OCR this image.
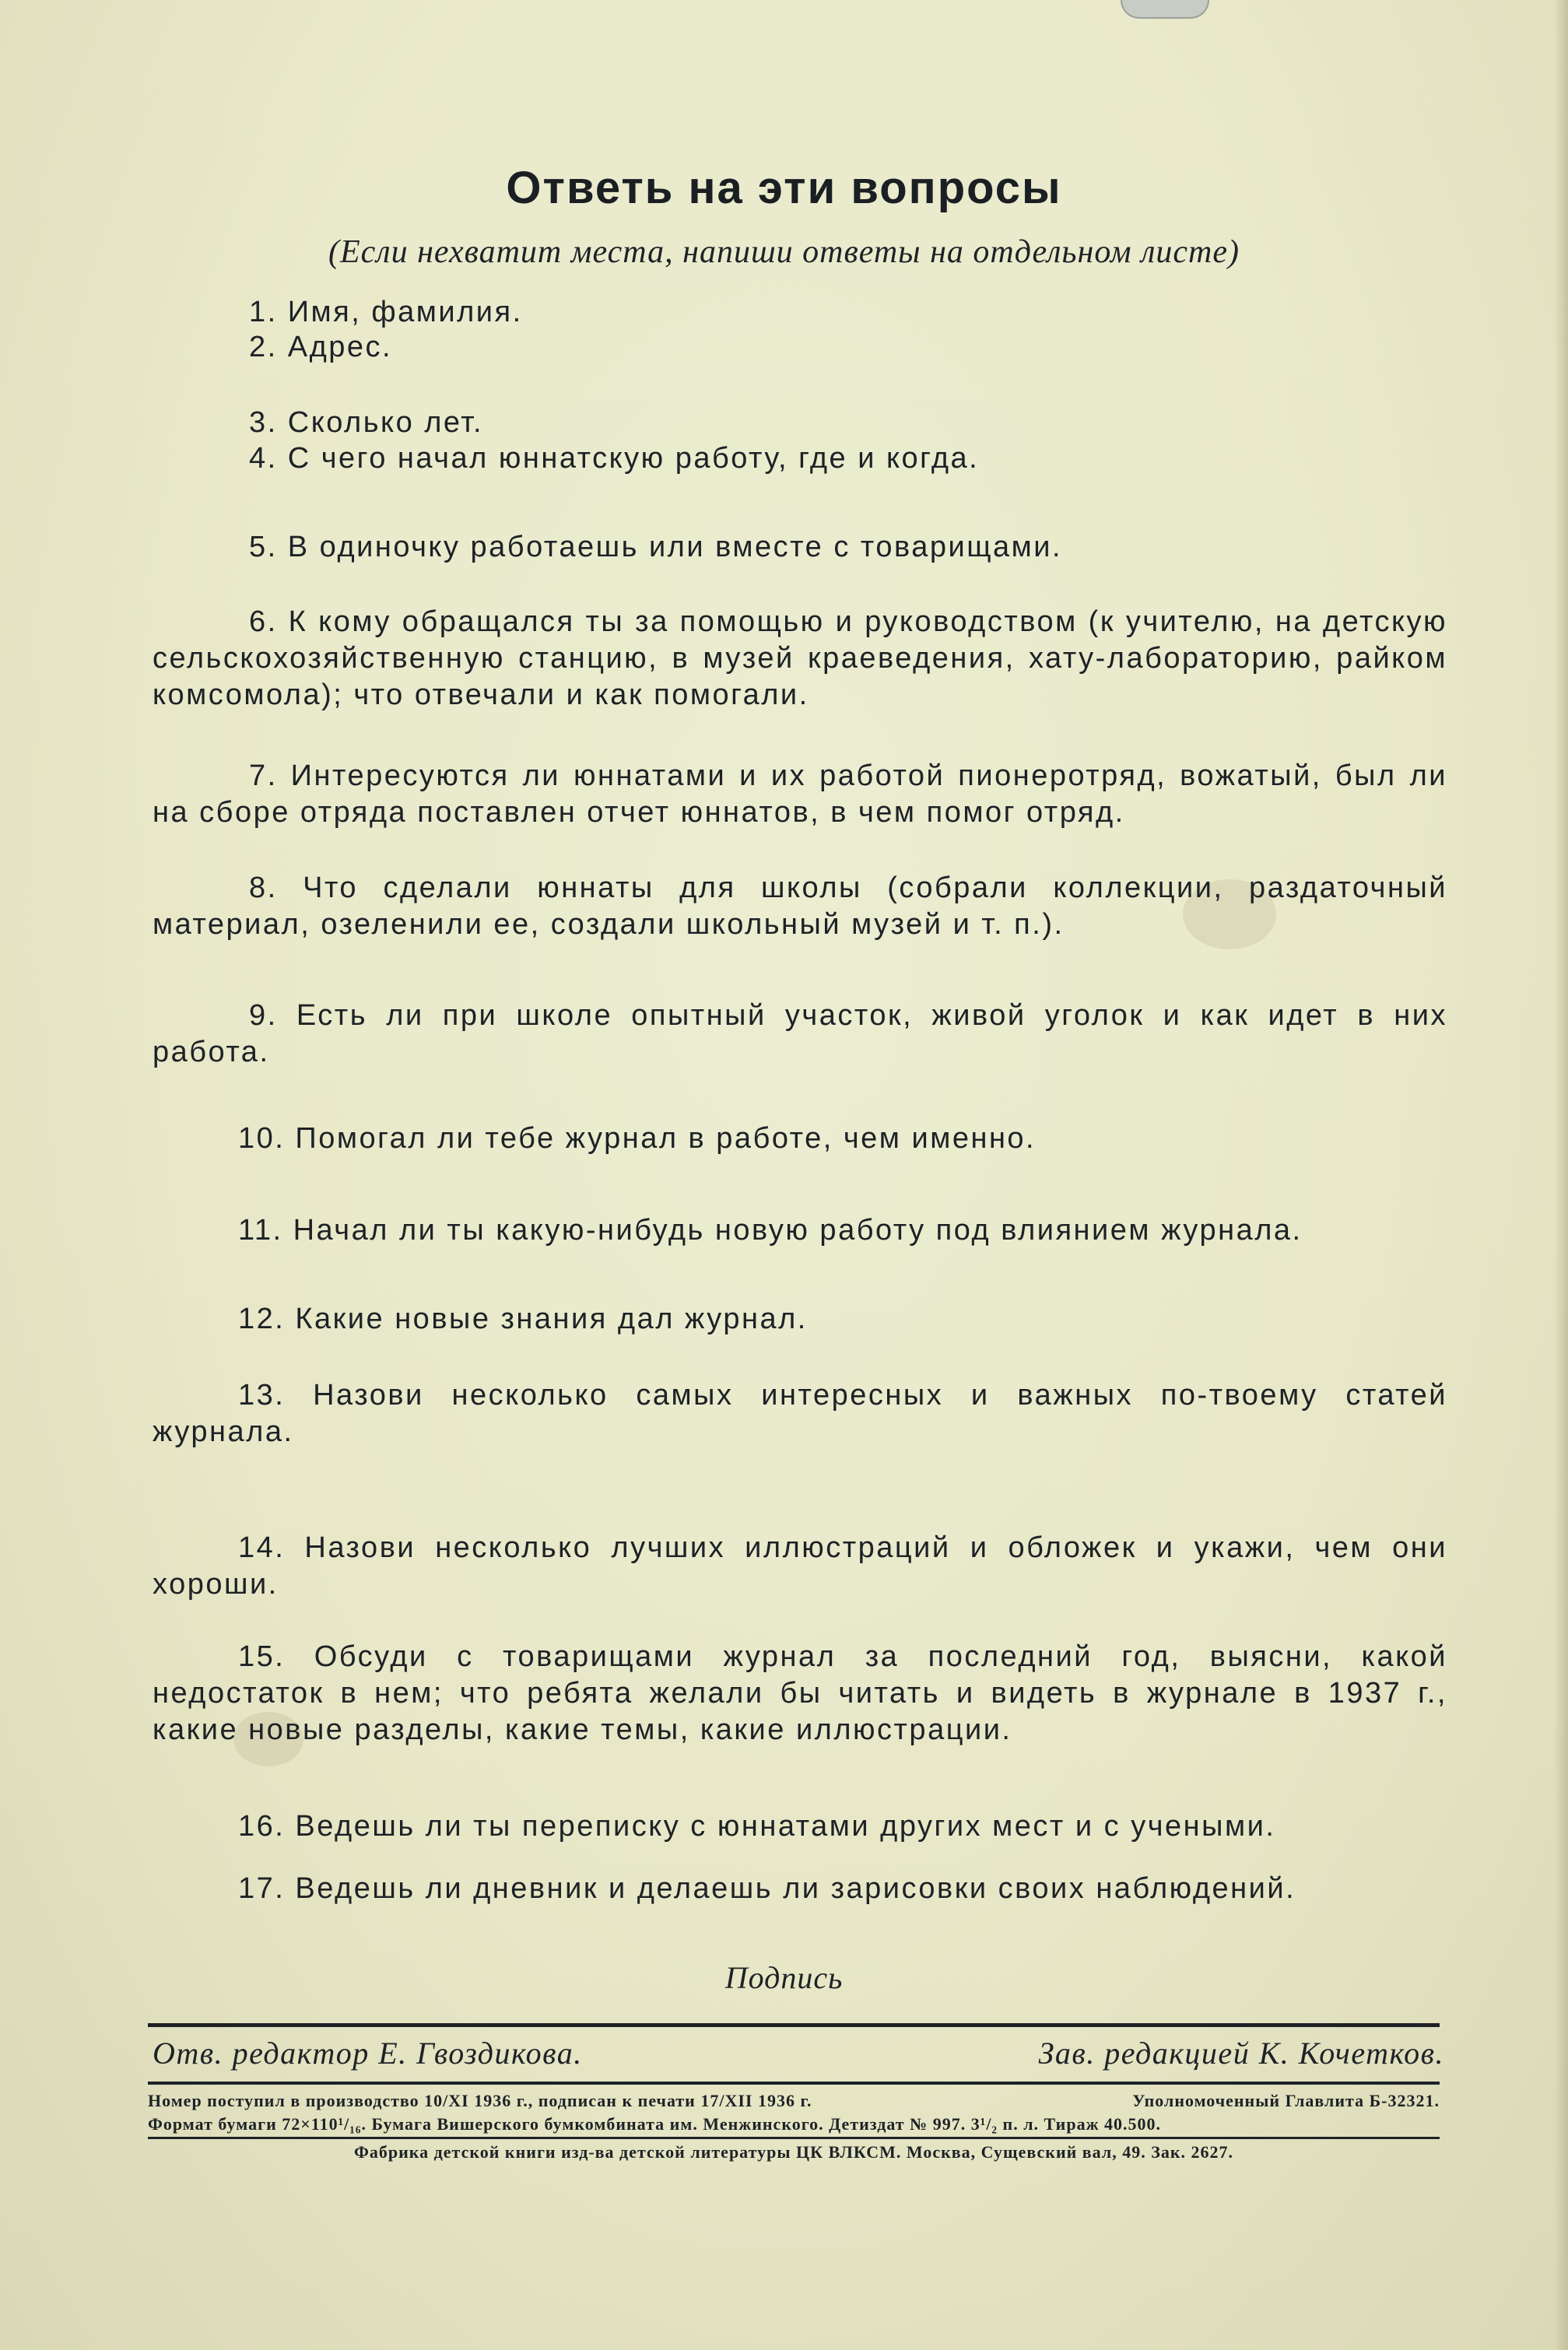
Ответь на эти вопросы
(Если нехватит места, напиши ответы на отдельном листе)
1. Имя, фамилия.
2. Адрес.
3. Сколько лет.
4. С чего начал юннатскую работу, где и когда.
5. В одиночку работаешь или вместе с товарищами.
6. К кому обращался ты за помощью и руководством (к учителю, на детскую сельскохозяйственную станцию, в музей краеведения, хату-лабораторию, райком комсомола); что отвечали и как помогали.
7. Интересуются ли юннатами и их работой пионеротряд, вожатый, был ли на сборе отряда поставлен отчет юннатов, в чем помог отряд.
8. Что сделали юннаты для школы (собрали коллекции, раздаточный материал, озеленили ее, создали школьный музей и т. п.).
9. Есть ли при школе опытный участок, живой уголок и как идет в них работа.
10. Помогал ли тебе журнал в работе, чем именно.
11. Начал ли ты какую-нибудь новую работу под влиянием журнала.
12. Какие новые знания дал журнал.
13. Назови несколько самых интересных и важных по-твоему статей журнала.
14. Назови несколько лучших иллюстраций и обложек и укажи, чем они хороши.
15. Обсуди с товарищами журнал за последний год, выясни, какой недостаток в нем; что ребята желали бы читать и видеть в журнале в 1937 г., какие новые разделы, какие темы, какие иллюстрации.
16. Ведешь ли ты переписку с юннатами других мест и с учеными.
17. Ведешь ли дневник и делаешь ли зарисовки своих наблюдений.
Подпись
Отв. редактор Е. Гвоздикова.	Зав. редакцией К. Кочетков.
Номер поступил в производство 10/XI 1936 г., подписан к печати 17/XII 1936 г.	Уполномоченный Главлита Б-32321.
Формат бумаги 72×110¹/₁₆. Бумага Вишерского бумкомбината им. Менжинского. Детиздат № 997. 3¹/₂ п. л. Тираж 40.500.
Фабрика детской книги изд-ва детской литературы ЦК ВЛКСМ. Москва, Сущевский вал, 49. Зак. 2627.
